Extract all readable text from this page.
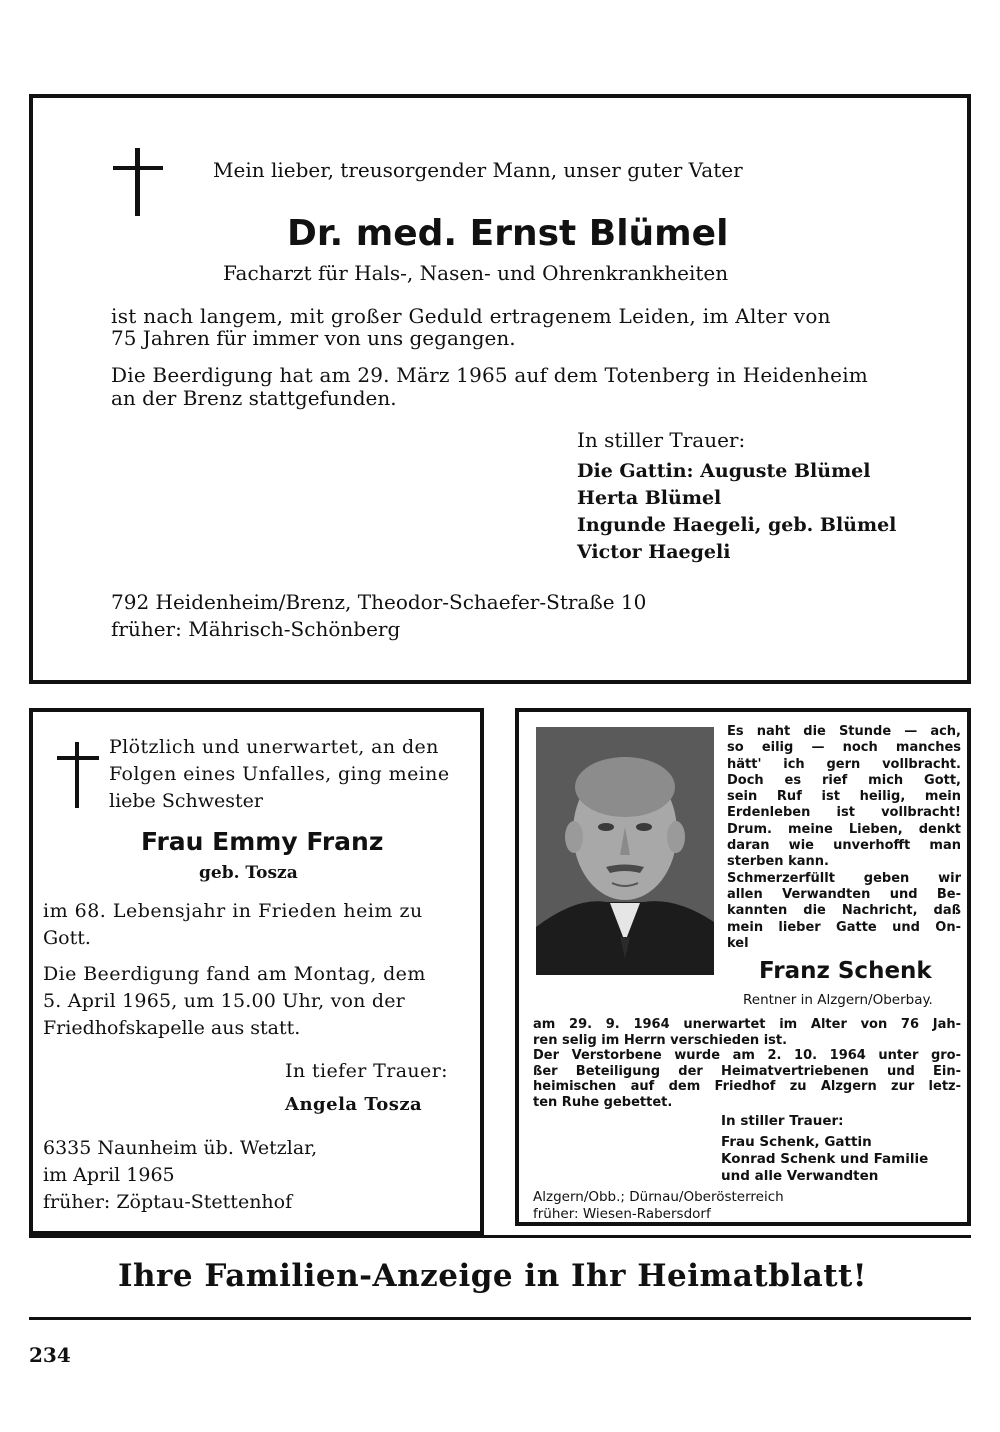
Mein lieber, treusorgender Mann, unser guter Vater
Dr. med. Ernst Blümel
Facharzt für Hals-, Nasen- und Ohrenkrankheiten
ist nach langem, mit großer Geduld ertragenem Leiden, im Alter von
75 Jahren für immer von uns gegangen.
Die Beerdigung hat am 29. März 1965 auf dem Totenberg in Heidenheim
an der Brenz stattgefunden.
In stiller Trauer:
Die Gattin: Auguste Blümel
Herta Blümel
Ingunde Haegeli, geb. Blümel
Victor Haegeli
792 Heidenheim/Brenz, Theodor-Schaefer-Straße 10
früher: Mährisch-Schönberg
Plötzlich und unerwartet, an den
Folgen eines Unfalles, ging meine
liebe Schwester
Frau Emmy Franz
geb. Tosza
im 68. Lebensjahr in Frieden heim zu
Gott.
Die Beerdigung fand am Montag, dem
5. April 1965, um 15.00 Uhr, von der
Friedhofskapelle aus statt.
In tiefer Trauer:
Angela Tosza
6335 Naunheim üb. Wetzlar,
im April 1965
früher: Zöptau-Stettenhof
Es naht die Stunde — ach,
so eilig — noch manches
hätt' ich gern vollbracht.
Doch es rief mich Gott,
sein Ruf ist heilig, mein
Erdenleben ist vollbracht!
Drum. meine Lieben, denkt
daran wie unverhofft man
sterben kann.
Schmerzerfüllt geben wir
allen Verwandten und Be-
kannten die Nachricht, daß
mein lieber Gatte und On-
kel
Franz Schenk
Rentner in Alzgern/Oberbay.
am 29. 9. 1964 unerwartet im Alter von 76 Jah-
ren selig im Herrn verschieden ist.
Der Verstorbene wurde am 2. 10. 1964 unter gro-
ßer Beteiligung der Heimatvertriebenen und Ein-
heimischen auf dem Friedhof zu Alzgern zur letz-
ten Ruhe gebettet.
In stiller Trauer:
Frau Schenk, Gattin
Konrad Schenk und Familie
und alle Verwandten
Alzgern/Obb.; Dürnau/Oberösterreich
früher: Wiesen-Rabersdorf
Ihre Familien-Anzeige in Ihr Heimatblatt!
234
